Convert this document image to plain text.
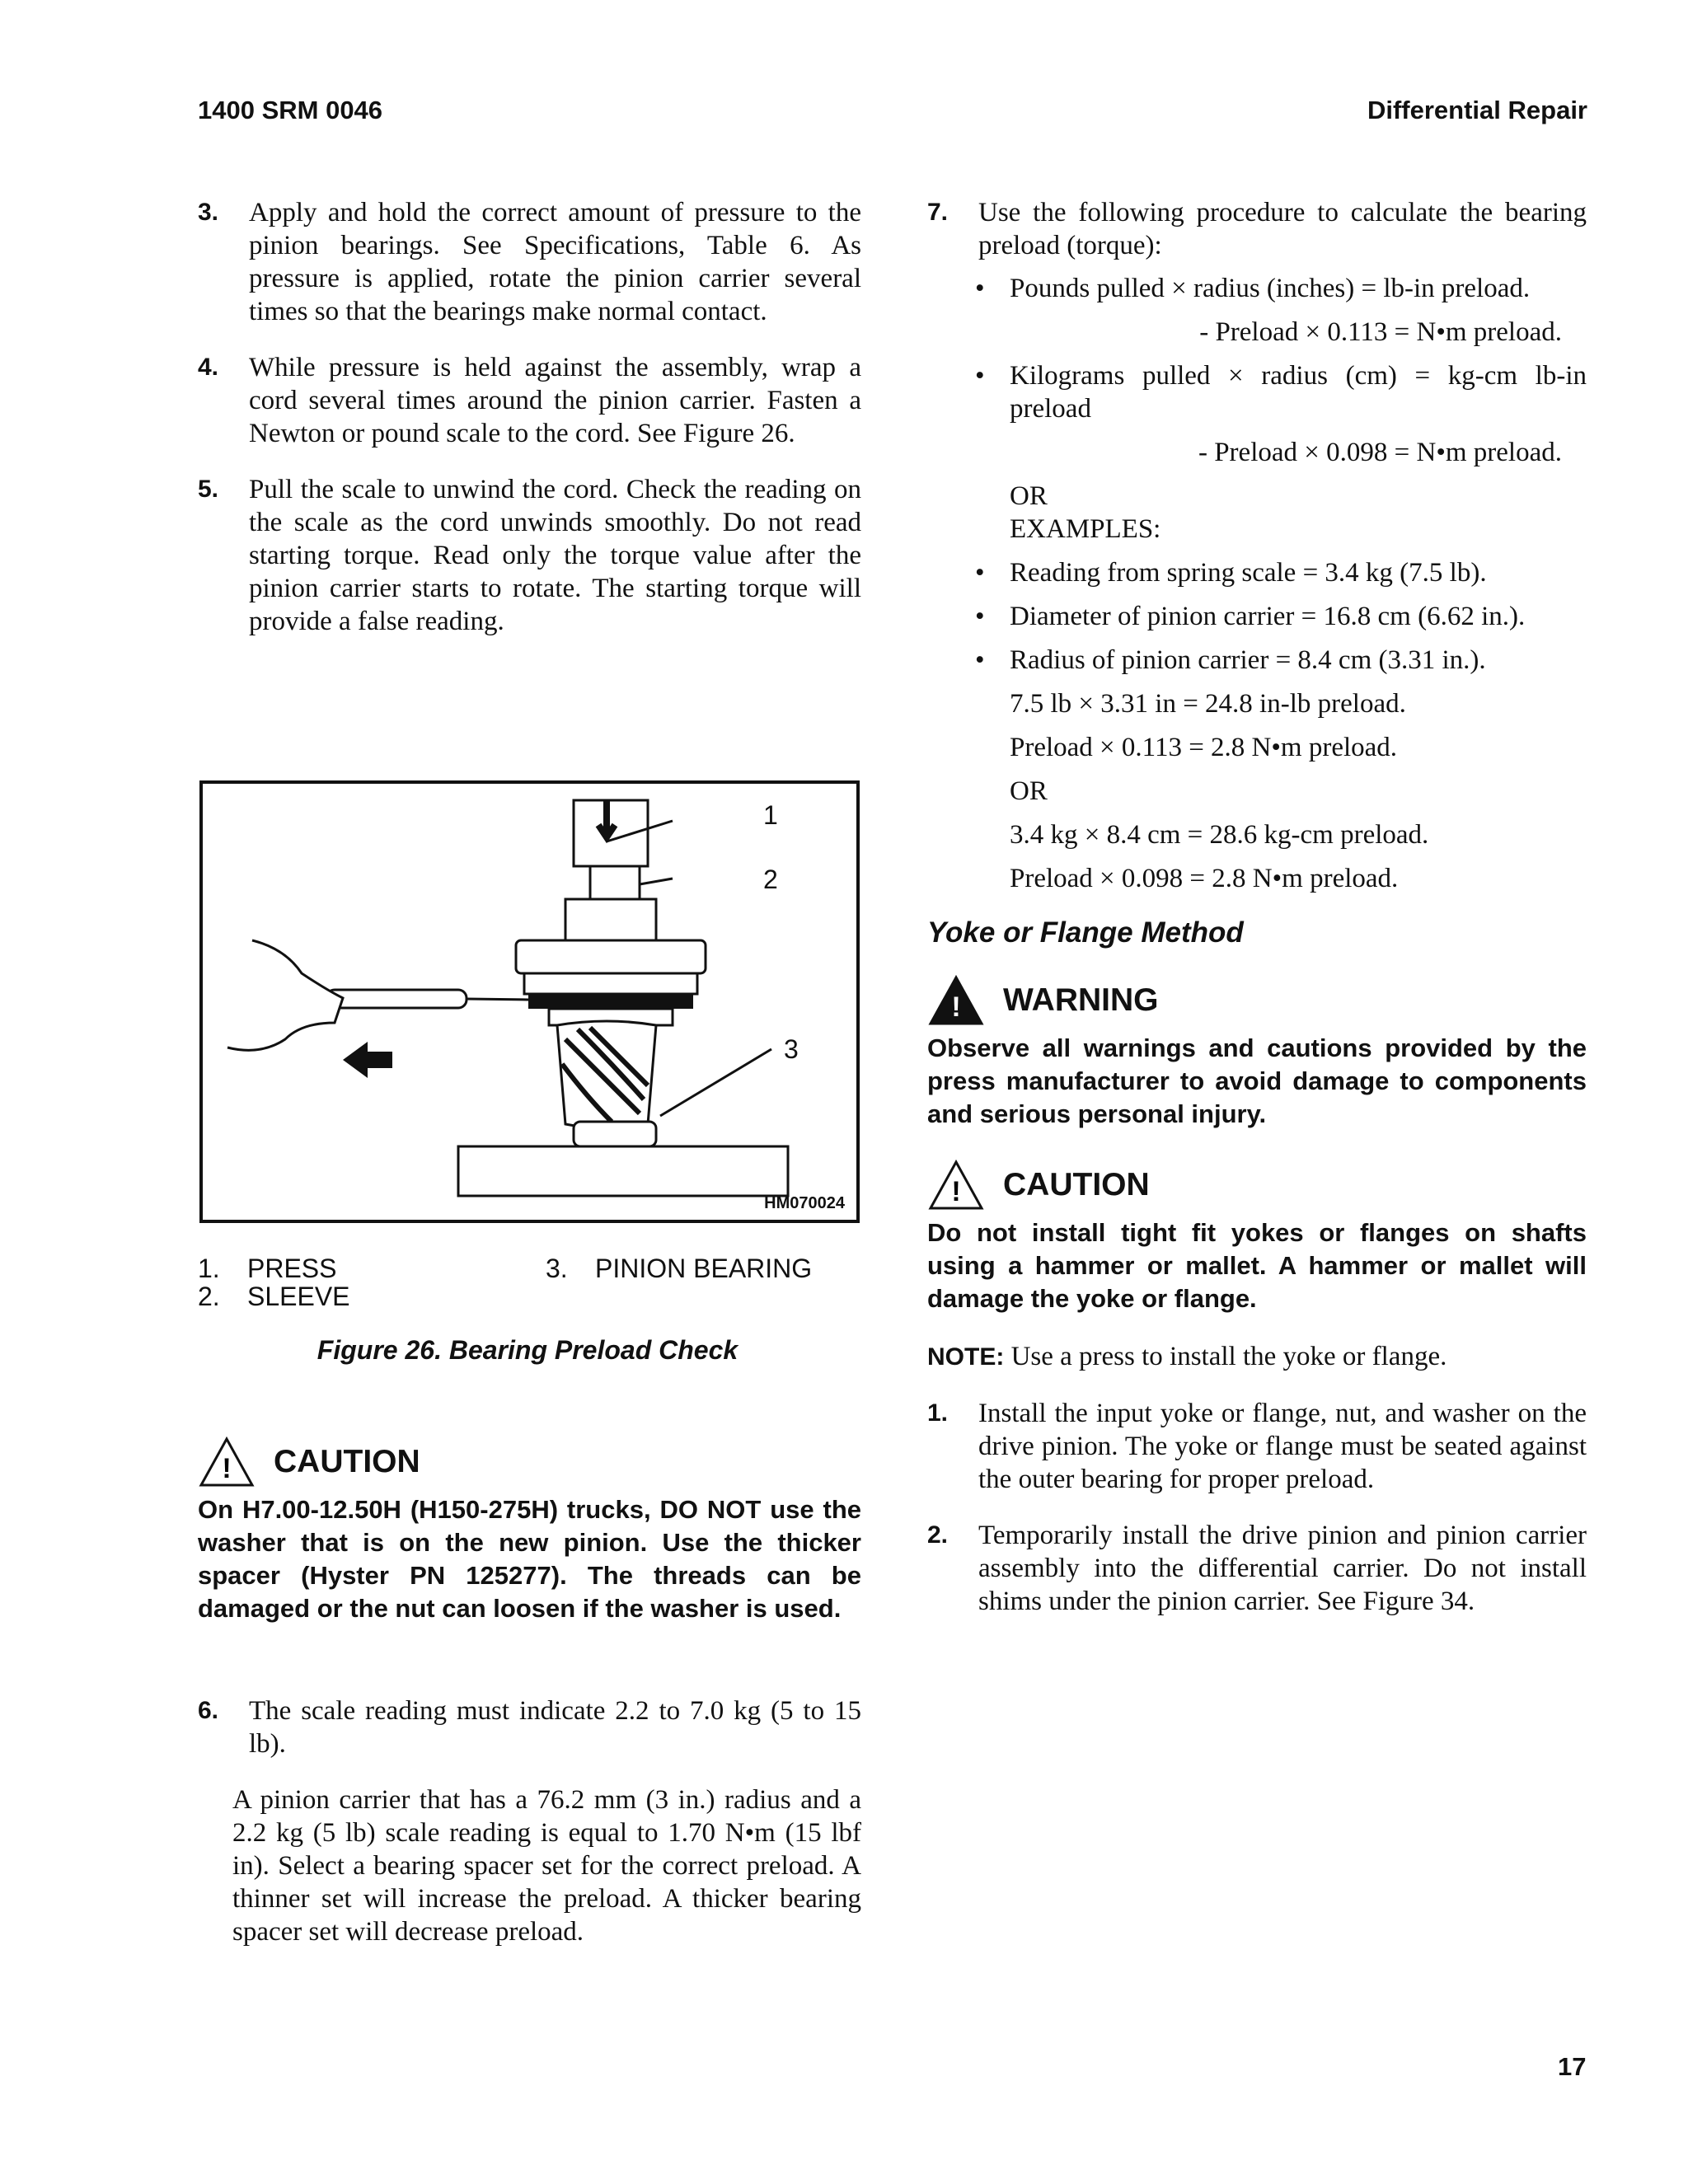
1400 SRM 0046	Differential Repair
3. Apply and hold the correct amount of pressure to the pinion bearings. See Specifications, Table 6. As pressure is applied, rotate the pinion carrier several times so that the bearings make normal contact.
4. While pressure is held against the assembly, wrap a cord several times around the pinion carrier. Fasten a Newton or pound scale to the cord. See Figure 26.
5. Pull the scale to unwind the cord. Check the reading on the scale as the cord unwinds smoothly. Do not read starting torque. Read only the torque value after the pinion carrier starts to rotate. The starting torque will provide a false reading.
1
2
3
HM070024
1. PRESS
2. SLEEVE
3. PINION BEARING
Figure 26. Bearing Preload Check
! CAUTION
On H7.00-12.50H (H150-275H) trucks, DO NOT use the washer that is on the new pinion. Use the thicker spacer (Hyster PN 125277). The threads can be damaged or the nut can loosen if the washer is used.
6. The scale reading must indicate 2.2 to 7.0 kg (5 to 15 lb).
A pinion carrier that has a 76.2 mm (3 in.) radius and a 2.2 kg (5 lb) scale reading is equal to 1.70 N•m (15 lbf in). Select a bearing spacer set for the correct preload. A thinner set will increase the preload. A thicker bearing spacer set will decrease preload.
7. Use the following procedure to calculate the bearing preload (torque):
• Pounds pulled × radius (inches) = lb-in preload.
- Preload × 0.113 = N•m preload.
• Kilograms pulled × radius (cm) = kg-cm lb-in preload
- Preload × 0.098 = N•m preload.
OR
EXAMPLES:
• Reading from spring scale = 3.4 kg (7.5 lb).
• Diameter of pinion carrier = 16.8 cm (6.62 in.).
• Radius of pinion carrier = 8.4 cm (3.31 in.).
7.5 lb × 3.31 in = 24.8 in-lb preload.
Preload × 0.113 = 2.8 N•m preload.
OR
3.4 kg × 8.4 cm = 28.6 kg-cm preload.
Preload × 0.098 = 2.8 N•m preload.
Yoke or Flange Method
! WARNING
Observe all warnings and cautions provided by the press manufacturer to avoid damage to components and serious personal injury.
! CAUTION
Do not install tight fit yokes or flanges on shafts using a hammer or mallet. A hammer or mallet will damage the yoke or flange.
NOTE: Use a press to install the yoke or flange.
1. Install the input yoke or flange, nut, and washer on the drive pinion. The yoke or flange must be seated against the outer bearing for proper preload.
2. Temporarily install the drive pinion and pinion carrier assembly into the differential carrier. Do not install shims under the pinion carrier. See Figure 34.
17
